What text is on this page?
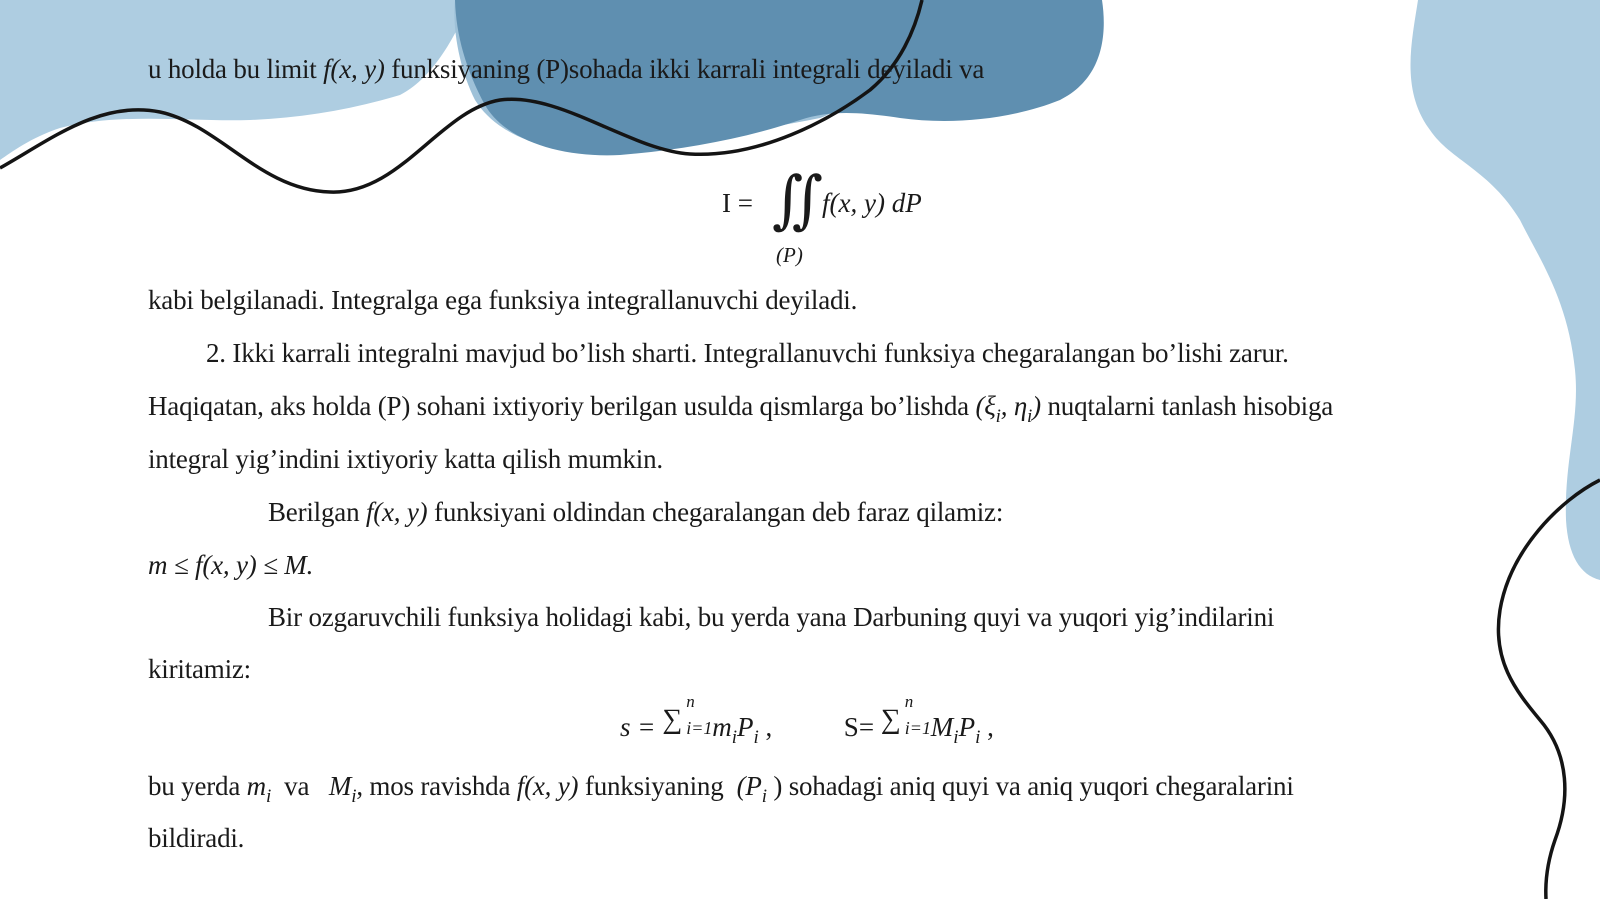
u holda bu limit f(x, y) funksiyaning (P)sohada ikki karrali integrali deyiladi va
I = ∬
(P)
f(x, y) dP
kabi belgilanadi. Integralga ega funksiya integrallanuvchi deyiladi.
2. Ikki karrali integralni mavjud bo’lish sharti. Integrallanuvchi funksiya chegaralangan bo’lishi zarur.
Haqiqatan, aks holda (P) sohani ixtiyoriy berilgan usulda qismlarga bo’lishda ($\xi_i$, $\eta_i$) nuqtalarni tanlash hisobiga
integral yig’indini ixtiyoriy katta qilish mumkin.
Berilgan f(x, y) funksiyani oldindan chegaralangan deb faraz qilamiz:
m ≤ f(x, y) ≤ M.
Bir ozgaruvchili funksiya holidagi kabi, bu yerda yana Darbuning quyi va yuqori yig’indilarini
kiritamiz:
s = ∑
n
i=1 $m_iP_i$ ,	S= ∑
n
i=1 $M_iP_i$ ,
bu yerda $m_i$  va   $M_i$, mos ravishda f(x, y) funksiyaning  ($P_i$ ) sohadagi aniq quyi va aniq yuqori chegaralarini
bildiradi.
